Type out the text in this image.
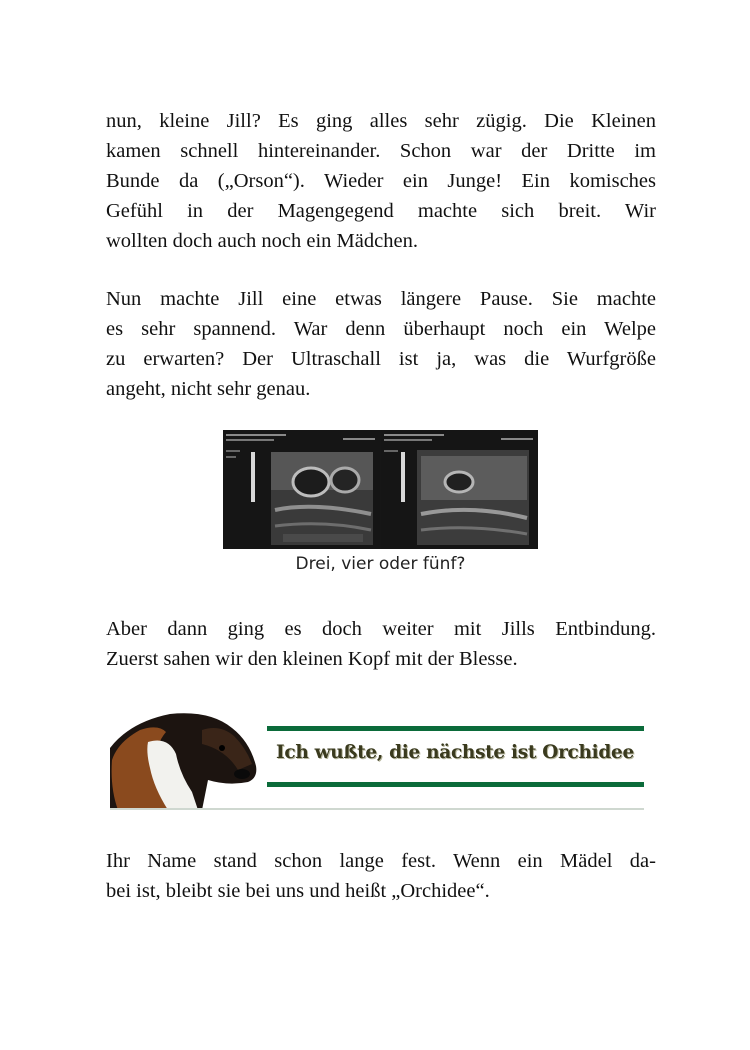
nun, kleine Jill? Es ging alles sehr zügig. Die Kleinen
kamen schnell hintereinander. Schon war der Dritte im
Bunde da („Orson“). Wieder ein Junge! Ein komisches
Gefühl in der Magengegend machte sich breit. Wir
wollten doch auch noch ein Mädchen.
Nun machte Jill eine etwas längere Pause. Sie machte
es sehr spannend. War denn überhaupt noch ein Welpe
zu erwarten? Der Ultraschall ist ja, was die Wurfgröße
angeht, nicht sehr genau.
Drei, vier oder fünf?
Aber dann ging es doch weiter mit Jills Entbindung.
Zuerst sahen wir den kleinen Kopf mit der Blesse.
Ich wußte, die nächste ist Orchidee
Ihr Name stand schon lange fest. Wenn ein Mädel da-
bei ist, bleibt sie bei uns und heißt „Orchidee“.
